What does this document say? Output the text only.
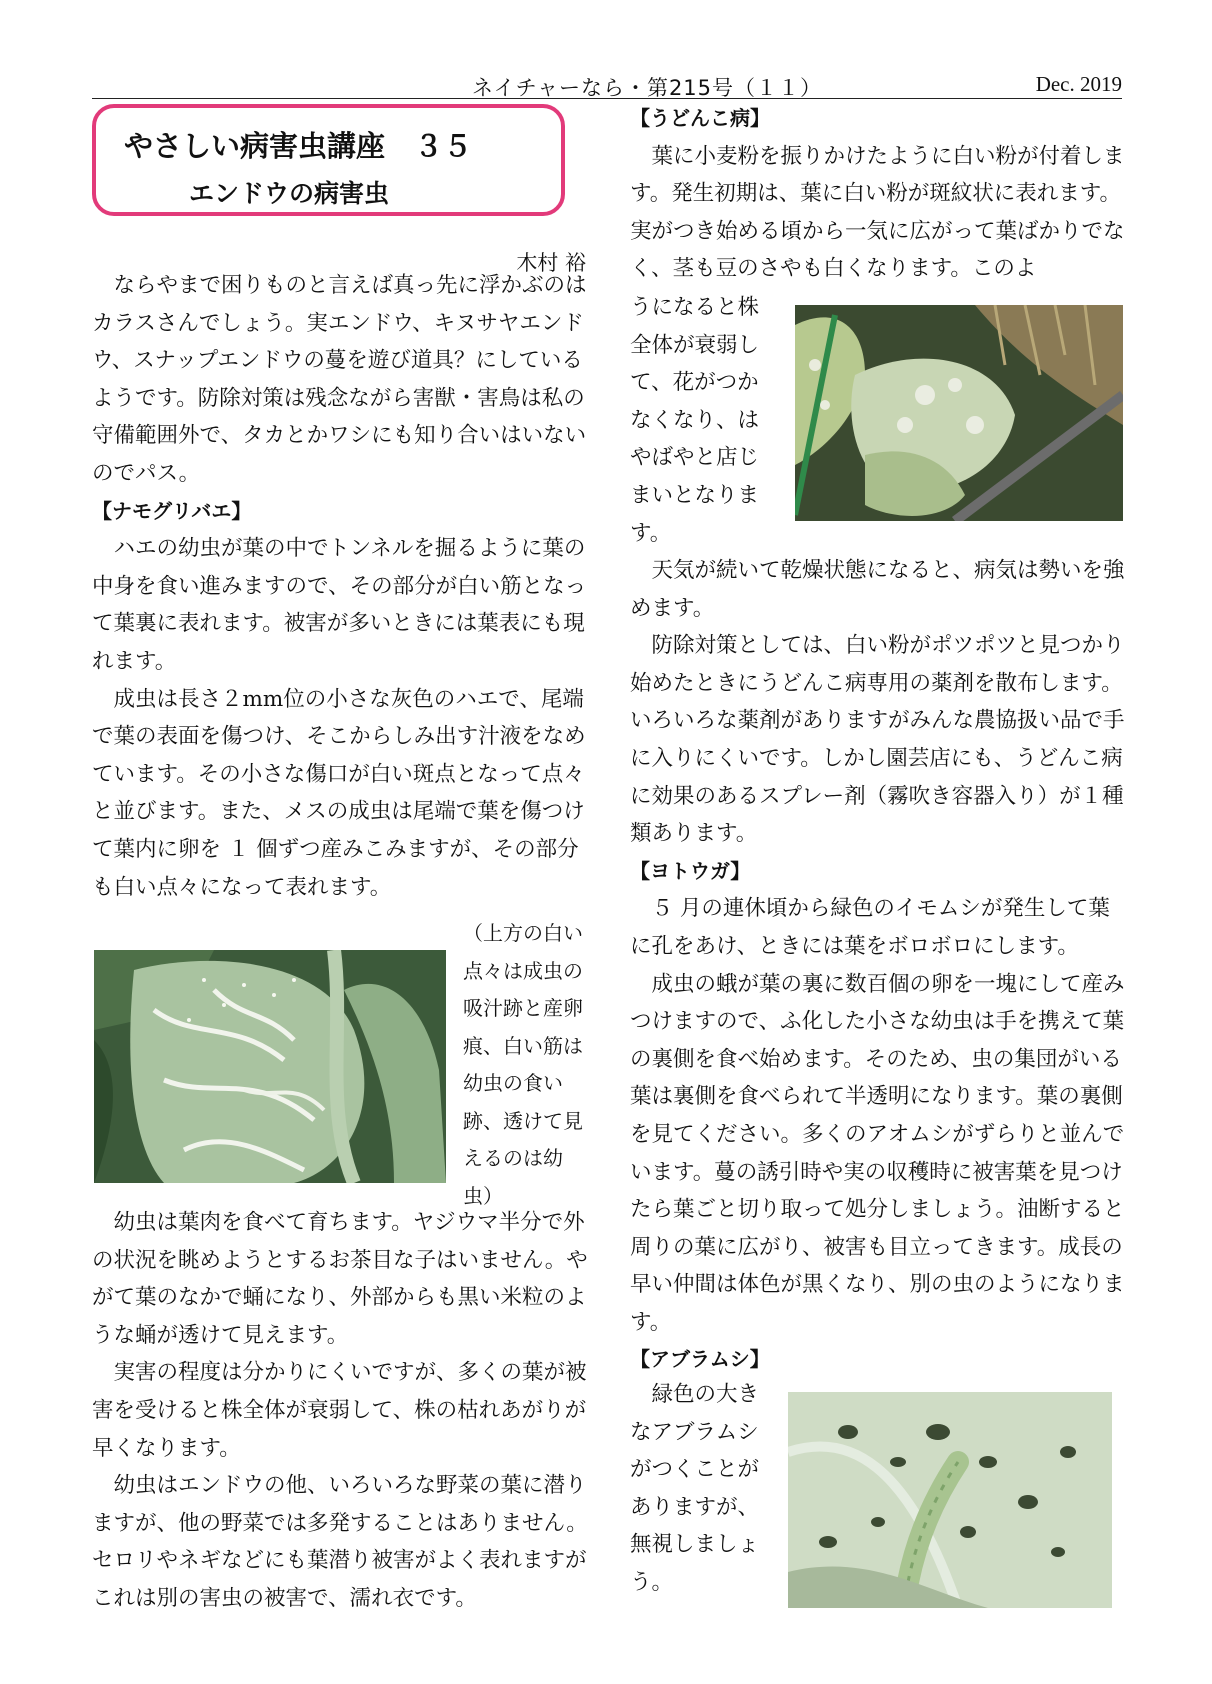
ネイチャーなら・第215号（１１）	Dec. 2019
やさしい病害虫講座　３５
エンドウの病害虫
木村 裕

ならやまで困りものと言えば真っ先に浮かぶのはカラスさんでしょう。実エンドウ、キヌサヤエンドウ、スナップエンドウの蔓を遊び道具？にしているようです。防除対策は残念ながら害獣・害鳥は私の守備範囲外で、タカとかワシにも知り合いはいないのでパス。

【ナモグリバエ】

ハエの幼虫が葉の中でトンネルを掘るように葉の中身を食い進みますので、その部分が白い筋となって葉裏に表れます。被害が多いときには葉表にも現れます。

成虫は長さ２mm位の小さな灰色のハエで、尾端で葉の表面を傷つけ、そこからしみ出す汁液をなめています。その小さな傷口が白い斑点となって点々と並びます。また、メスの成虫は尾端で葉を傷つけて葉内に卵を １ 個ずつ産みこみますが、その部分も白い点々になって表れます。

（上方の白い点々は成虫の吸汁跡と産卵痕、白い筋は幼虫の食い跡、透けて見えるのは幼虫）

幼虫は葉肉を食べて育ちます。ヤジウマ半分で外の状況を眺めようとするお茶目な子はいません。やがて葉のなかで蛹になり、外部からも黒い米粒のような蛹が透けて見えます。

実害の程度は分かりにくいですが、多くの葉が被害を受けると株全体が衰弱して、株の枯れあがりが早くなります。

幼虫はエンドウの他、いろいろな野菜の葉に潜りますが、他の野菜では多発することはありません。セロリやネギなどにも葉潜り被害がよく表れますがこれは別の害虫の被害で、濡れ衣です。

【うどんこ病】

葉に小麦粉を振りかけたように白い粉が付着します。発生初期は、葉に白い粉が斑紋状に表れます。実がつき始める頃から一気に広がって葉ばかりでなく、茎も豆のさやも白くなります。このよ

うになると株全体が衰弱して、花がつかなくなり、はやばやと店じまいとなります。

天気が続いて乾燥状態になると、病気は勢いを強めます。

防除対策としては、白い粉がポツポツと見つかり始めたときにうどんこ病専用の薬剤を散布します。いろいろな薬剤がありますがみんな農協扱い品で手に入りにくいです。しかし園芸店にも、うどんこ病に効果のあるスプレー剤（霧吹き容器入り）が１種類あります。

【ヨトウガ】

５ 月の連休頃から緑色のイモムシが発生して葉に孔をあけ、ときには葉をボロボロにします。

成虫の蛾が葉の裏に数百個の卵を一塊にして産みつけますので、ふ化した小さな幼虫は手を携えて葉の裏側を食べ始めます。そのため、虫の集団がいる葉は裏側を食べられて半透明になります。葉の裏側を見てください。多くのアオムシがずらりと並んでいます。蔓の誘引時や実の収穫時に被害葉を見つけたら葉ごと切り取って処分しましょう。油断すると周りの葉に広がり、被害も目立ってきます。成長の早い仲間は体色が黒くなり、別の虫のようになります。

【アブラムシ】

緑色の大きなアブラムシがつくことがありますが、無視しましょう。
